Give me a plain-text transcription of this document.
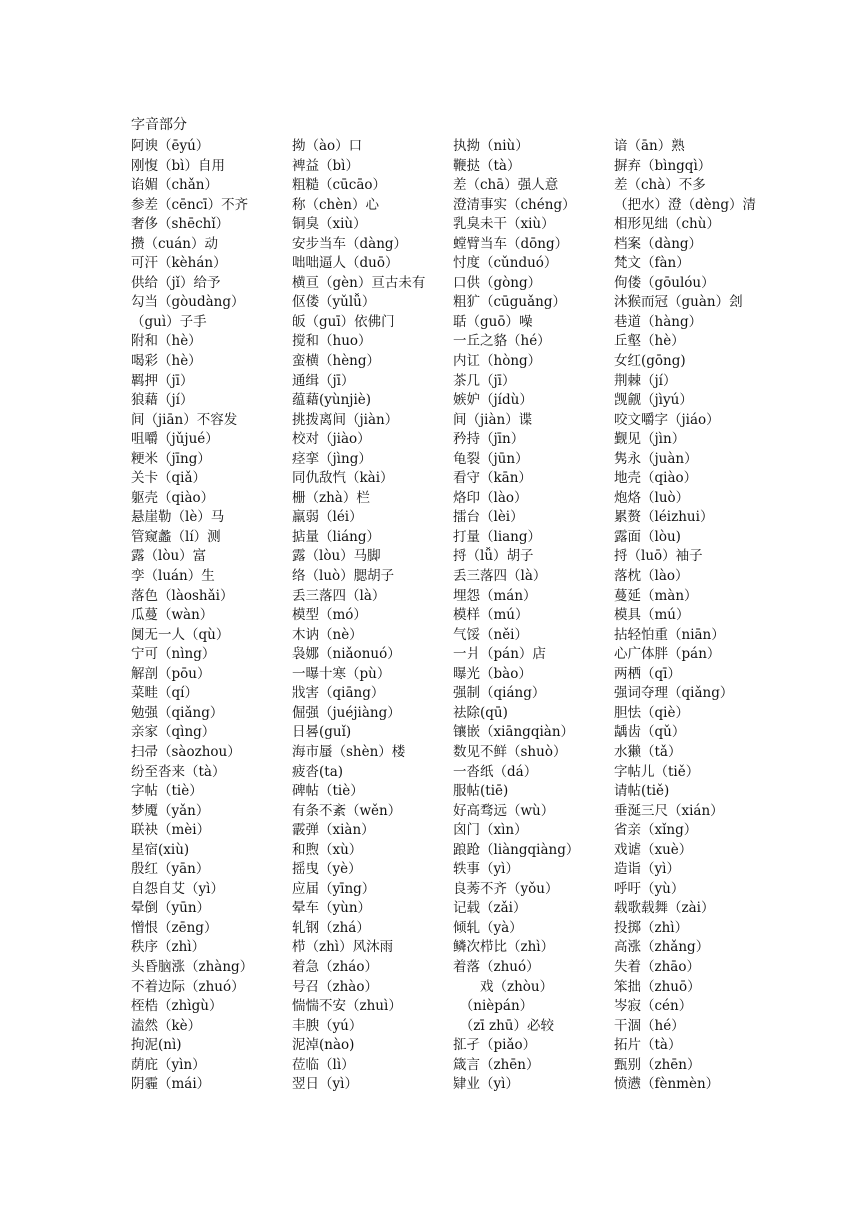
字音部分
阿谀（ēyú）	拗（ào）口	执拗（niù）	谙（ān）熟
刚愎（bì）自用	裨益（bì）	鞭挞（tà）	摒弃（bìngqì）
谄媚（chǎn）	粗糙（cūcāo）	差（chā）强人意	差（chà）不多
参差（cēncī）不齐	称（chèn）心	澄清事实（chéng）	（把水）澄（dèng）清
奢侈（shēchǐ）	铜臭（xiù）	乳臭未干（xiù）	相形见绌（chù）
攒（cuán）动	安步当车（dàng）	螳臂当车（dōng）	档案（dàng）
可汗（kèhán）	咄咄逼人（duō）	忖度（cǔnduó）	梵文（fàn）
供给（jǐ）给予	横亘（gèn）亘古未有	口供（gòng）	佝偻（gōulóu）
勾当（gòudàng）	伛偻（yǔlǚ）	粗犷（cūguǎng）	沐猴而冠（guàn）刽
（guì）子手	皈（guī）依佛门	聒（guō）噪	巷道（hàng）
附和（hè）	搅和（huo）	一丘之貉（hé）	丘壑（hè）
喝彩（hè）	蛮横（hèng）	内讧（hòng）	女红(gōng)
羁押（jī）	通缉（jī）	茶几（jī）	荆棘（jí）
狼藉（jí）	蕴藉(yùnjiè)	嫉妒（jídù）	觊觎（jìyú）
间（jiān）不容发	挑拨离间（jiàn）	间（jiàn）谍	咬文嚼字（jiáo）
咀嚼（jǔjué）	校对（jiào）	矜持（jīn）	觐见（jìn）
粳米（jīng）	痉挛（jìng）	龟裂（jūn）	隽永（juàn）
关卡（qiǎ）	同仇敌忾（kài）	看守（kān）	地壳（qiào）
躯壳（qiào）	栅（zhà）栏	烙印（lào）	炮烙（luò）
悬崖勒（lè）马	羸弱（léi）	擂台（lèi）	累赘（léizhui）
管窥蠡（lí）测	掂量（liáng）	打量（liang）	露面（lòu)
露（lòu）富	露（lòu）马脚	捋（lǚ）胡子	捋（luō）袖子
孪（luán）生	络（luò）腮胡子	丢三落四（là）	落枕（lào）
落色（làoshǎi）	丢三落四（là）	埋怨（mán）	蔓延（màn）
瓜蔓（wàn）	模型（mó）	模样（mú）	模具（mú）
阒无一人（qù）	木讷（nè）	气馁（něi）	拈轻怕重（niān）
宁可（nìng）	袅娜（niǎonuó）	一爿（pán）店	心广体胖（pán）
解剖（pōu）	一曝十寒（pù）	曝光（bào）	两栖（qī）
菜畦（qí）	戕害（qiāng）	强制（qiáng）	强词夺理（qiǎng）
勉强（qiǎng）	倔强（juéjiàng）	祛除(qū)	胆怯（qiè）
亲家（qìng）	日晷(guǐ)	镶嵌（xiāngqiàn）	龋齿（qǔ）
扫帚（sàozhou）	海市蜃（shèn）楼	数见不鲜（shuò）	水獭（tǎ）
纷至沓来（tà）	疲沓(ta)	一沓纸（dá）	字帖儿（tiě）
字帖（tiè）	碑帖（tiè）	服帖(tiē)	请帖(tiě)
梦魇（yǎn）	有条不紊（wěn）	好高骛远（wù）	垂涎三尺（xián）
联袂（mèi）	霰弹（xiàn）	囟门（xìn）	省亲（xǐng）
星宿(xiù)	和煦（xù）	踉跄（liàngqiàng）	戏谑（xuè）
殷红（yān）	摇曳（yè）	轶事（yì）	造诣（yì）
自怨自艾（yì）	应届（yīng）	良莠不齐（yǒu）	呼吁（yù）
晕倒（yūn）	晕车（yùn）	记载（zǎi）	载歌载舞（zài）
憎恨（zēng）	轧钢（zhá）	倾轧（yà）	投掷（zhì）
秩序（zhì）	栉（zhì）风沐雨	鳞次栉比（zhì）	高涨（zhǎng）
头昏脑涨（zhàng）	着急（zháo）	着落（zhuó）	失着（zhāo）
不着边际（zhuó）	号召（zhào）	　　戏（zhòu）	笨拙（zhuō）
桎梏（zhìgù）	惴惴不安（zhuì）	　（nièpán）	岑寂（cén）
溘然（kè）	丰腴（yú）	　（zī zhū）必较	干涸（hé）
拘泥(nì)	泥淖(nào)	㧟孑（piǎo）	拓片（tà）
荫庇（yìn）	莅临（lì）	箴言（zhēn）	甄别（zhēn）
阴霾（mái）	翌日（yì）	肄业（yì）	愤懑（fènmèn）
